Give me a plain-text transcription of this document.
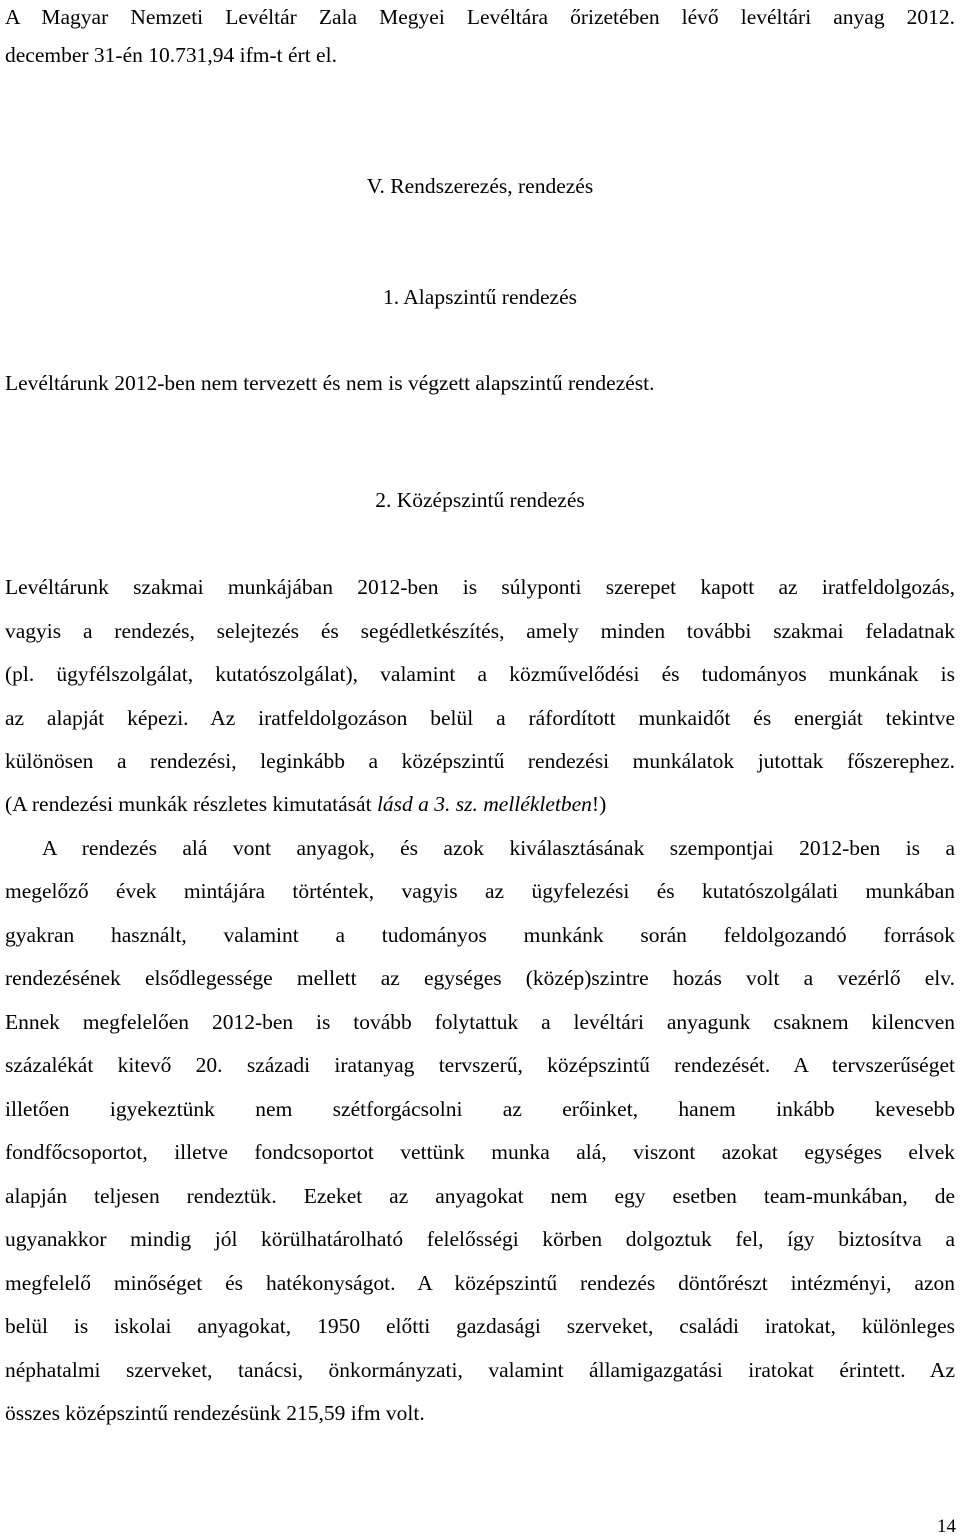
A Magyar Nemzeti Levéltár Zala Megyei Levéltára őrizetében lévő levéltári anyag 2012.
december 31-én 10.731,94 ifm-t ért el.
V. Rendszerezés, rendezés
1. Alapszintű rendezés
Levéltárunk 2012-ben nem tervezett és nem is végzett alapszintű rendezést.
2. Középszintű rendezés
Levéltárunk szakmai munkájában 2012-ben is súlyponti szerepet kapott az iratfeldolgozás,
vagyis a rendezés, selejtezés és segédletkészítés, amely minden további szakmai feladatnak
(pl. ügyfélszolgálat, kutatószolgálat), valamint a közművelődési és tudományos munkának is
az alapját képezi. Az iratfeldolgozáson belül a ráfordított munkaidőt és energiát tekintve
különösen a rendezési, leginkább a középszintű rendezési munkálatok jutottak főszerephez.
(A rendezési munkák részletes kimutatását lásd a 3. sz. mellékletben!)
A rendezés alá vont anyagok, és azok kiválasztásának szempontjai 2012-ben is a
megelőző évek mintájára történtek, vagyis az ügyfelezési és kutatószolgálati munkában
gyakran használt, valamint a tudományos munkánk során feldolgozandó források
rendezésének elsődlegessége mellett az egységes (közép)szintre hozás volt a vezérlő elv.
Ennek megfelelően 2012-ben is tovább folytattuk a levéltári anyagunk csaknem kilencven
százalékát kitevő 20. századi iratanyag tervszerű, középszintű rendezését. A tervszerűséget
illetően igyekeztünk nem szétforgácsolni az erőinket, hanem inkább kevesebb
fondfőcsoportot, illetve fondcsoportot vettünk munka alá, viszont azokat egységes elvek
alapján teljesen rendeztük. Ezeket az anyagokat nem egy esetben team-munkában, de
ugyanakkor mindig jól körülhatárolható felelősségi körben dolgoztuk fel, így biztosítva a
megfelelő minőséget és hatékonyságot. A középszintű rendezés döntőrészt intézményi, azon
belül is iskolai anyagokat, 1950 előtti gazdasági szerveket, családi iratokat, különleges
néphatalmi szerveket, tanácsi, önkormányzati, valamint államigazgatási iratokat érintett. Az
összes középszintű rendezésünk 215,59 ifm volt.
14
